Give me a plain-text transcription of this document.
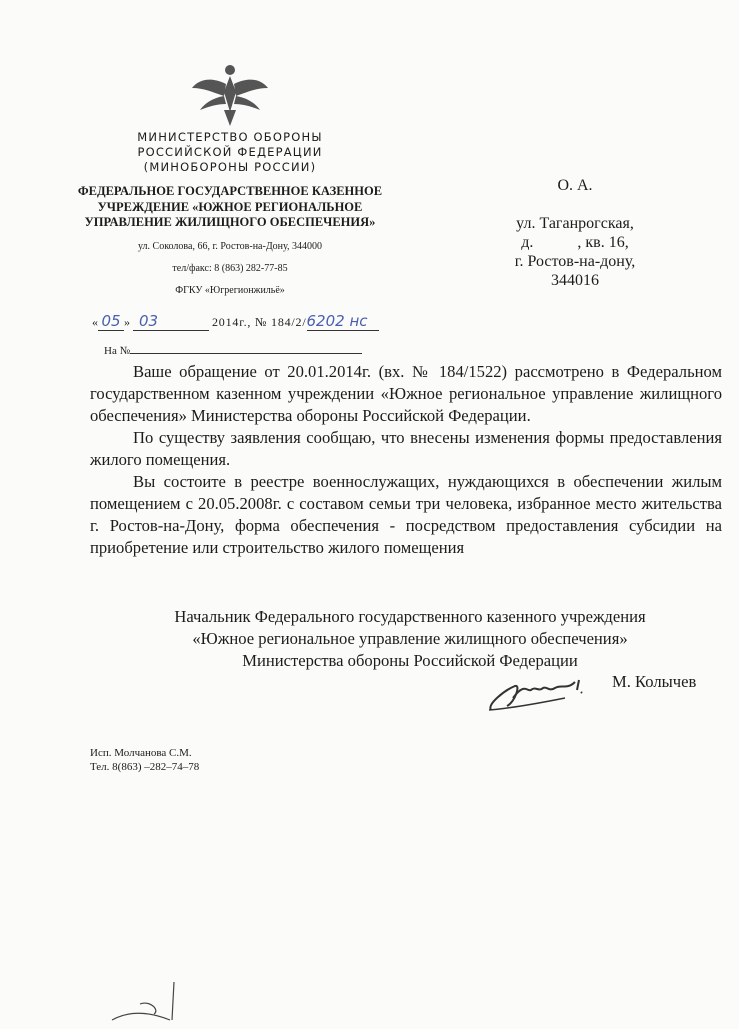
МИНИСТЕРСТВО ОБОРОНЫ
РОССИЙСКОЙ ФЕДЕРАЦИИ
(МИНОБОРОНЫ РОССИИ)
ФЕДЕРАЛЬНОЕ ГОСУДАРСТВЕННОЕ КАЗЕННОЕ
УЧРЕЖДЕНИЕ «ЮЖНОЕ РЕГИОНАЛЬНОЕ
УПРАВЛЕНИЕ ЖИЛИЩНОГО ОБЕСПЕЧЕНИЯ»
ул. Соколова, 66, г. Ростов-на-Дону, 344000
тел/факс: 8 (863) 282-77-85
ФГКУ «Югрегионжильё»
« 05 » 03	2014г., № 184/2/6202 нс
На №
О. А.
ул. Таганрогская,
д.           , кв. 16,
г. Ростов-на-дону,
344016

Ваше обращение от 20.01.2014г. (вх. № 184/1522) рассмотрено в Федеральном государственном казенном учреждении «Южное региональное управление жилищного обеспечения» Министерства обороны Российской Федерации.

По существу заявления сообщаю, что внесены изменения формы предоставления жилого помещения.

Вы состоите в реестре военнослужащих, нуждающихся в обеспечении жилым помещением с 20.05.2008г. с составом семьи три человека, избранное место жительства г. Ростов-на-Дону, форма обеспечения - посредством предоставления субсидии на приобретение или строительство жилого помещения

Начальник Федерального государственного казенного учреждения
«Южное региональное управление жилищного обеспечения»
Министерства обороны Российской Федерации
М. Колычев
Исп. Молчанова С.М.
Тел. 8(863) –282–74–78
